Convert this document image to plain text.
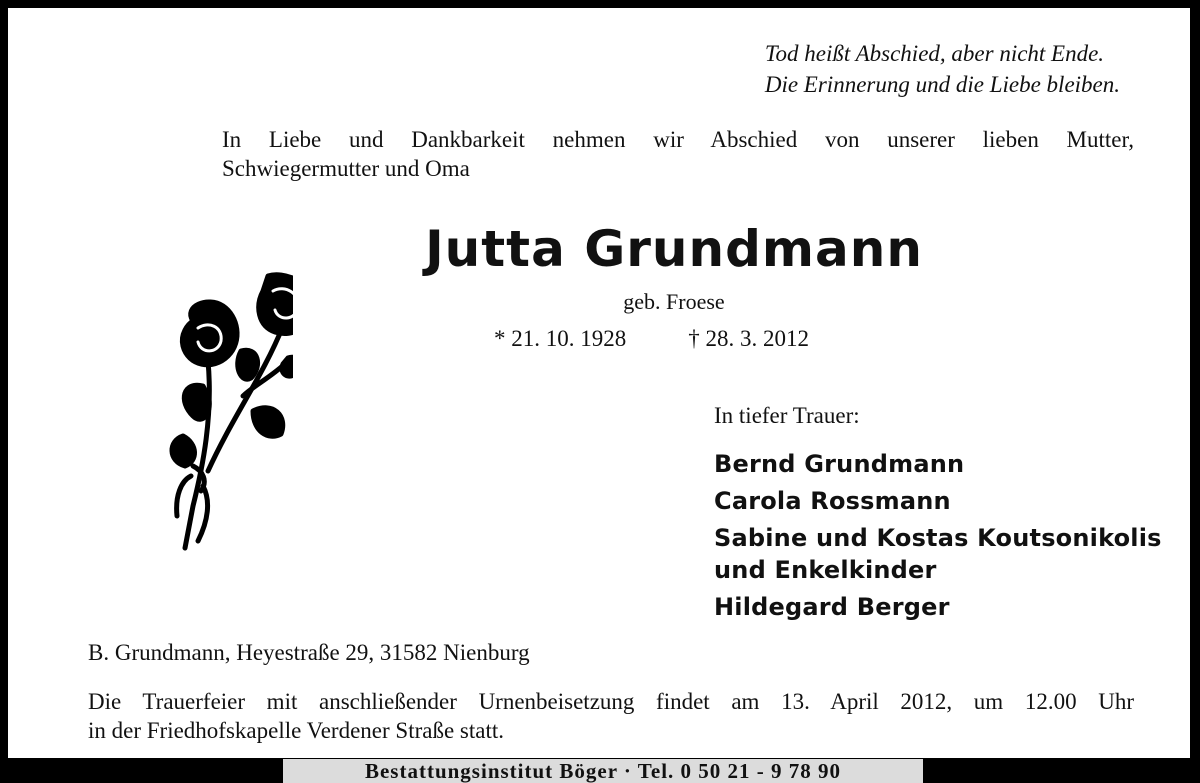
Tod heißt Abschied, aber nicht Ende.
Die Erinnerung und die Liebe bleiben.
In Liebe und Dankbarkeit nehmen wir Abschied von unserer lieben Mutter,
Schwiegermutter und Oma
Jutta Grundmann
geb. Froese
* 21. 10. 1928	† 28. 3. 2012
In tiefer Trauer:
Bernd Grundmann
Carola Rossmann
Sabine und Kostas Koutsonikolis
und Enkelkinder
Hildegard Berger
B. Grundmann, Heyestraße 29, 31582 Nienburg
Die Trauerfeier mit anschließender Urnenbeisetzung findet am 13. April 2012, um 12.00 Uhr
in der Friedhofskapelle Verdener Straße statt.
Bestattungsinstitut Böger · Tel. 0 50 21 - 9 78 90
